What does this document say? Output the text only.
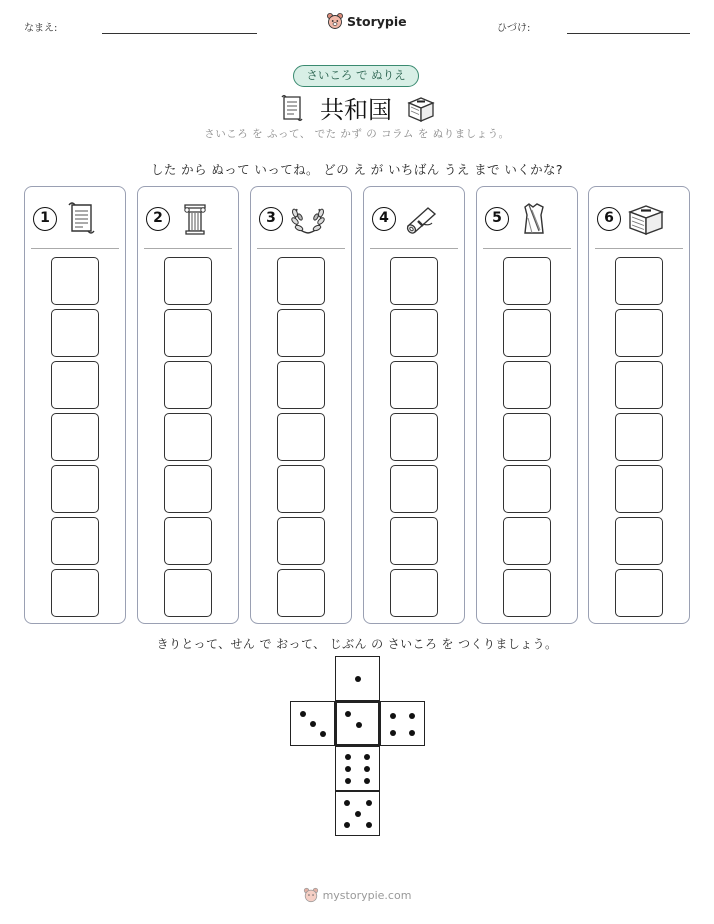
なまえ:	Storypie	ひづけ:
さいころ で ぬりえ
共和国
さいころ を ふって、 でた かず の コラム を ぬりましょう。
した から ぬって いってね。 どの え が いちばん うえ まで いくかな?
1	2	3	4	5	6
きりとって、せん で おって、 じぶん の さいころ を つくりましょう。
mystorypie.com
